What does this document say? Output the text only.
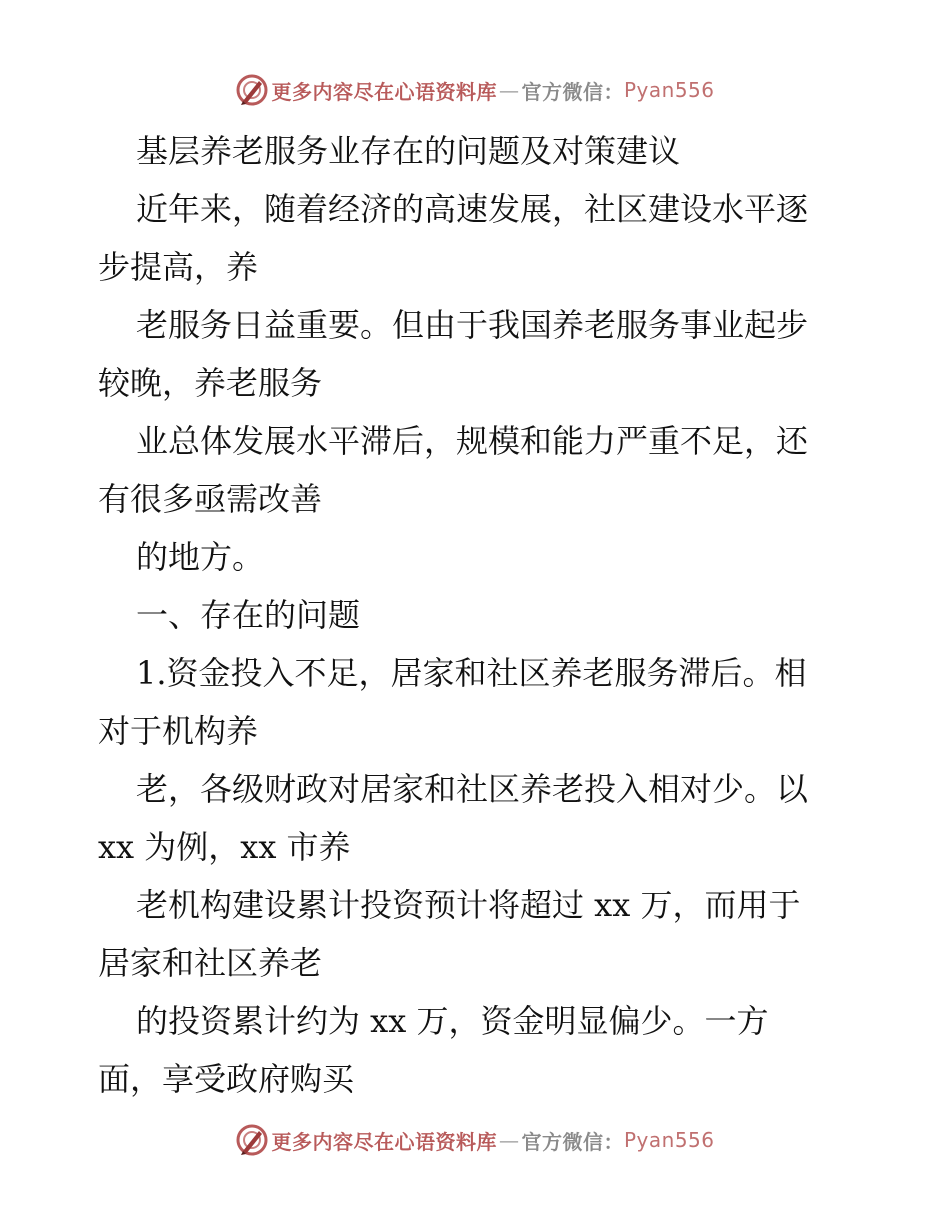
更多内容尽在心语资料库 — 官方微信： Pyan556
基层养老服务业存在的问题及对策建议
近年来，随着经济的高速发展，社区建设水平逐
步提高，养
老服务日益重要。但由于我国养老服务事业起步
较晚，养老服务
业总体发展水平滞后，规模和能力严重不足，还
有很多亟需改善
的地方。
一、存在的问题
1.资金投入不足，居家和社区养老服务滞后。相
对于机构养
老，各级财政对居家和社区养老投入相对少。以
xx 为例，xx 市养
老机构建设累计投资预计将超过 xx 万，而用于
居家和社区养老
的投资累计约为 xx 万，资金明显偏少。一方
面，享受政府购买
更多内容尽在心语资料库 — 官方微信： Pyan556
